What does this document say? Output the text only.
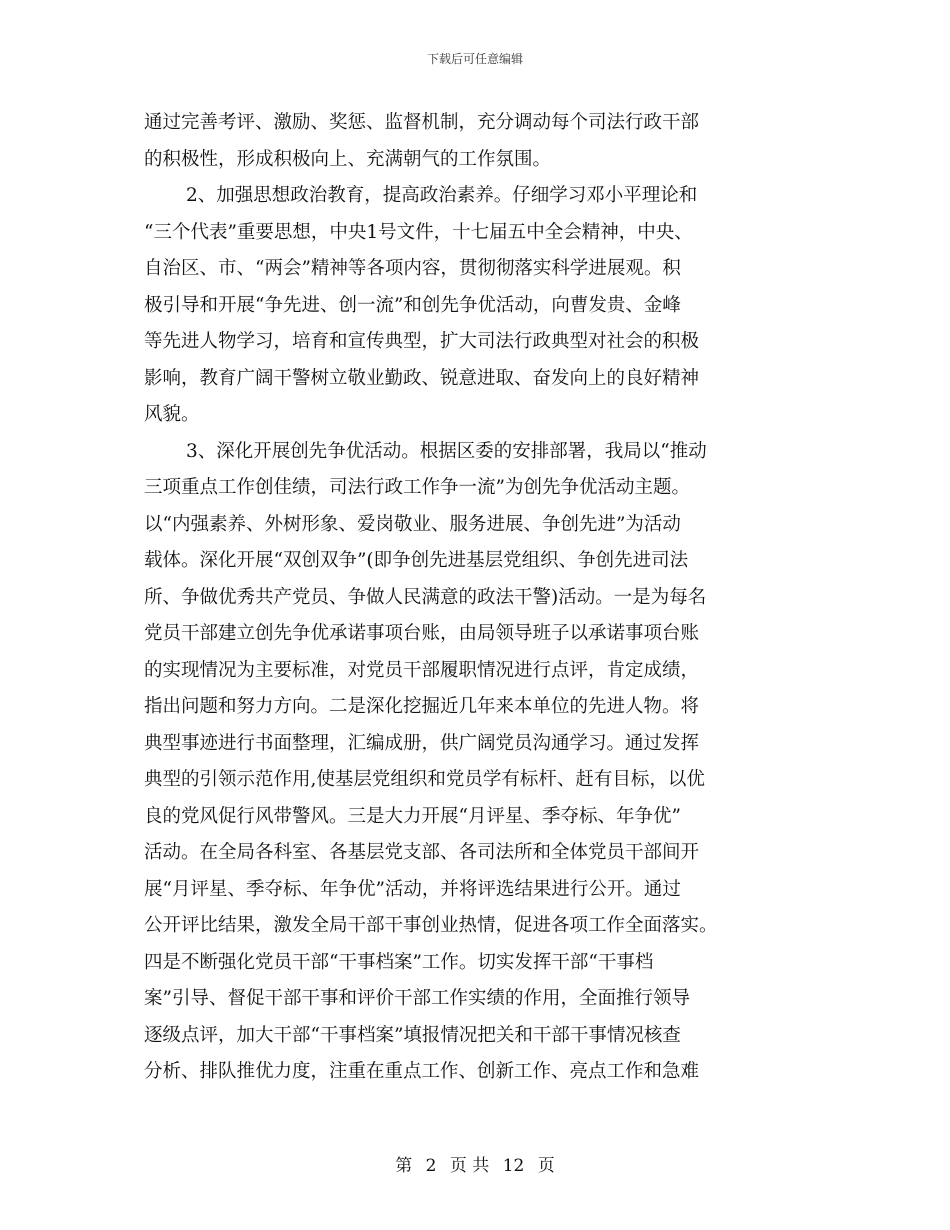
下载后可任意编辑
通过完善考评、激励、奖惩、监督机制，充分调动每个司法行政干部
的积极性，形成积极向上、充满朝气的工作氛围。
2、加强思想政治教育，提高政治素养。仔细学习邓小平理论和
“三个代表”重要思想，中央1号文件，十七届五中全会精神，中央、
自治区、市、“两会”精神等各项内容，贯彻彻落实科学进展观。积
极引导和开展“争先进、创一流”和创先争优活动，向曹发贵、金峰
等先进人物学习，培育和宣传典型，扩大司法行政典型对社会的积极
影响，教育广阔干警树立敬业勤政、锐意进取、奋发向上的良好精神
风貌。
3、深化开展创先争优活动。根据区委的安排部署，我局以“推动
三项重点工作创佳绩，司法行政工作争一流”为创先争优活动主题。
以“内强素养、外树形象、爱岗敬业、服务进展、争创先进”为活动
载体。深化开展“双创双争”(即争创先进基层党组织、争创先进司法
所、争做优秀共产党员、争做人民满意的政法干警)活动。一是为每名
党员干部建立创先争优承诺事项台账，由局领导班子以承诺事项台账
的实现情况为主要标准，对党员干部履职情况进行点评，肯定成绩，
指出问题和努力方向。二是深化挖掘近几年来本单位的先进人物。将
典型事迹进行书面整理，汇编成册，供广阔党员沟通学习。通过发挥
典型的引领示范作用,使基层党组织和党员学有标杆、赶有目标，以优
良的党风促行风带警风。三是大力开展“月评星、季夺标、年争优”
活动。在全局各科室、各基层党支部、各司法所和全体党员干部间开
展“月评星、季夺标、年争优”活动，并将评选结果进行公开。通过
公开评比结果，激发全局干部干事创业热情，促进各项工作全面落实。
四是不断强化党员干部“干事档案”工作。切实发挥干部“干事档
案”引导、督促干部干事和评价干部工作实绩的作用，全面推行领导
逐级点评，加大干部“干事档案”填报情况把关和干部干事情况核查
分析、排队推优力度，注重在重点工作、创新工作、亮点工作和急难
第 2 页 共 12 页
